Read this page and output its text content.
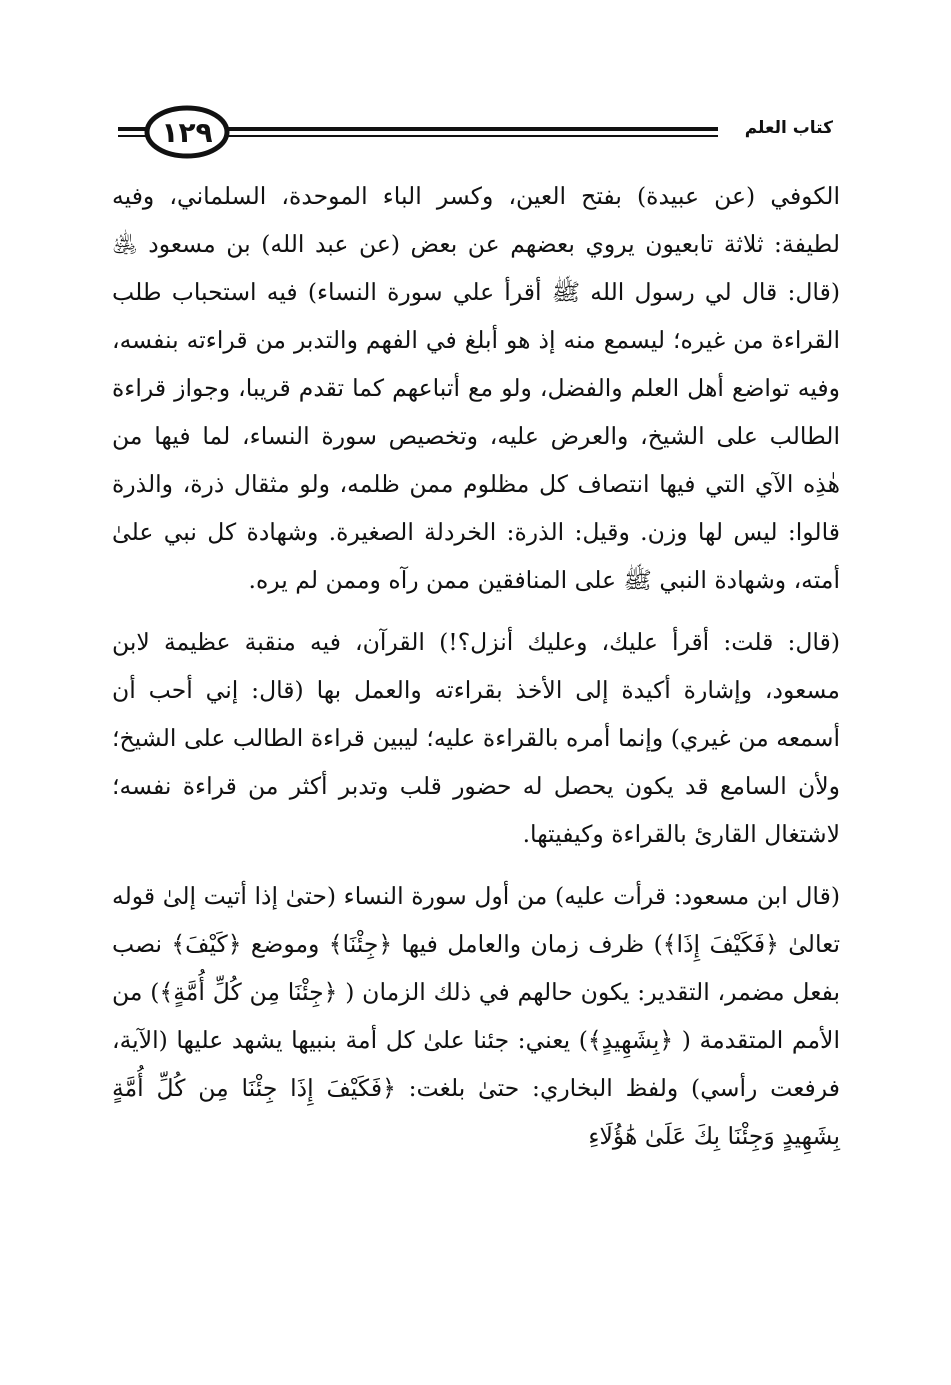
١٢٩	كتاب العلم

الكوفي (عن عبيدة) بفتح العين، وكسر الباء الموحدة، السلماني، وفيه لطيفة: ثلاثة تابعيون يروي بعضهم عن بعض (عن عبد الله) بن مسعود ﵁ (قال: قال لي رسول الله ﷺ أقرأ علي سورة النساء) فيه استحباب طلب القراءة من غيره؛ ليسمع منه إذ هو أبلغ في الفهم والتدبر من قراءته بنفسه، وفيه تواضع أهل العلم والفضل، ولو مع أتباعهم كما تقدم قريبا، وجواز قراءة الطالب على الشيخ، والعرض عليه، وتخصيص سورة النساء، لما فيها من هٰذِه الآي التي فيها انتصاف كل مظلوم ممن ظلمه، ولو مثقال ذرة، والذرة قالوا: ليس لها وزن. وقيل: الذرة: الخردلة الصغيرة. وشهادة كل نبي علىٰ أمته، وشهادة النبي ﷺ على المنافقين ممن رآه وممن لم يره.

(قال: قلت: أقرأ عليك، وعليك أنزل؟!) القرآن، فيه منقبة عظيمة لابن مسعود، وإشارة أكيدة إلى الأخذ بقراءته والعمل بها (قال: إني أحب أن أسمعه من غيري) وإنما أمره بالقراءة عليه؛ ليبين قراءة الطالب على الشيخ؛ ولأن السامع قد يكون يحصل له حضور قلب وتدبر أكثر من قراءة نفسه؛ لاشتغال القارئ بالقراءة وكيفيتها.

(قال ابن مسعود: قرأت عليه) من أول سورة النساء (حتىٰ إذا أتيت إلىٰ قوله تعالىٰ ﴿فَكَيْفَ إِذَا﴾) ظرف زمان والعامل فيها ﴿جِئْنَا﴾ وموضع ﴿كَيْفَ﴾ نصب بفعل مضمر، التقدير: يكون حالهم في ذلك الزمان ( ﴿جِئْنَا مِن كُلِّ أُمَّةٍ﴾) من الأمم المتقدمة ( ﴿بِشَهِيدٍ﴾) يعني: جئنا علىٰ كل أمة بنبيها يشهد عليها (الآية، فرفعت رأسي) ولفظ البخاري: حتىٰ بلغت: ﴿فَكَيْفَ إِذَا جِئْنَا مِن كُلِّ أُمَّةٍ بِشَهِيدٍ وَجِئْنَا بِكَ عَلَىٰ هَٰؤُلَاءِ
